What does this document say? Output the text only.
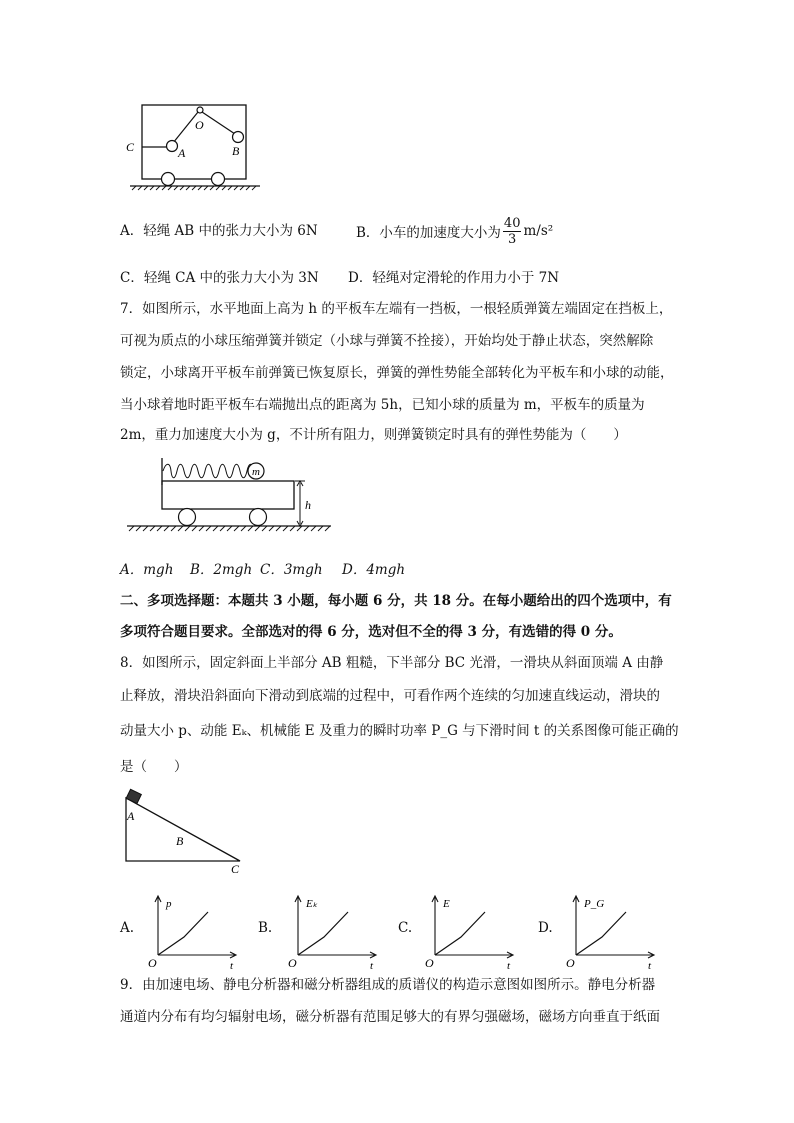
O
C	A	B
A．轻绳 AB 中的张力大小为 6N	B．小车的加速度大小为 $\frac{40}{3} m/s^2$
C．轻绳 CA 中的张力大小为 3N D．轻绳对定滑轮的作用力小于 7N
7．如图所示，水平地面上高为 h 的平板车左端有一挡板，一根轻质弹簧左端固定在挡板上，
可视为质点的小球压缩弹簧并锁定（小球与弹簧不拴接），开始均处于静止状态，突然解除
锁定，小球离开平板车前弹簧已恢复原长，弹簧的弹性势能全部转化为平板车和小球的动能，
当小球着地时距平板车右端抛出点的距离为 5h，已知小球的质量为 m，平板车的质量为
2m，重力加速度大小为 g，不计所有阻力，则弹簧锁定时具有的弹性势能为（　　）
m
h
A．mgh B．2mgh C．3mgh D．4mgh
二、多项选择题：本题共 3 小题，每小题 6 分，共 18 分。在每小题给出的四个选项中，有
多项符合题目要求。全部选对的得 6 分，选对但不全的得 3 分，有选错的得 0 分。
8．如图所示，固定斜面上半部分 AB 粗糙，下半部分 BC 光滑，一滑块从斜面顶端 A 由静
止释放，滑块沿斜面向下滑动到底端的过程中，可看作两个连续的匀加速直线运动，滑块的
动量大小 p、动能 Eₖ、机械能 E 及重力的瞬时功率 P_G 与下滑时间 t 的关系图像可能正确的
是（　　）
A
B
C
A.
p
t
O
B.
Eₖ
t
O
C.
E
t
O
D.
P_G
t
O
9．由加速电场、静电分析器和磁分析器组成的质谱仪的构造示意图如图所示。静电分析器
通道内分布有均匀辐射电场，磁分析器有范围足够大的有界匀强磁场，磁场方向垂直于纸面
